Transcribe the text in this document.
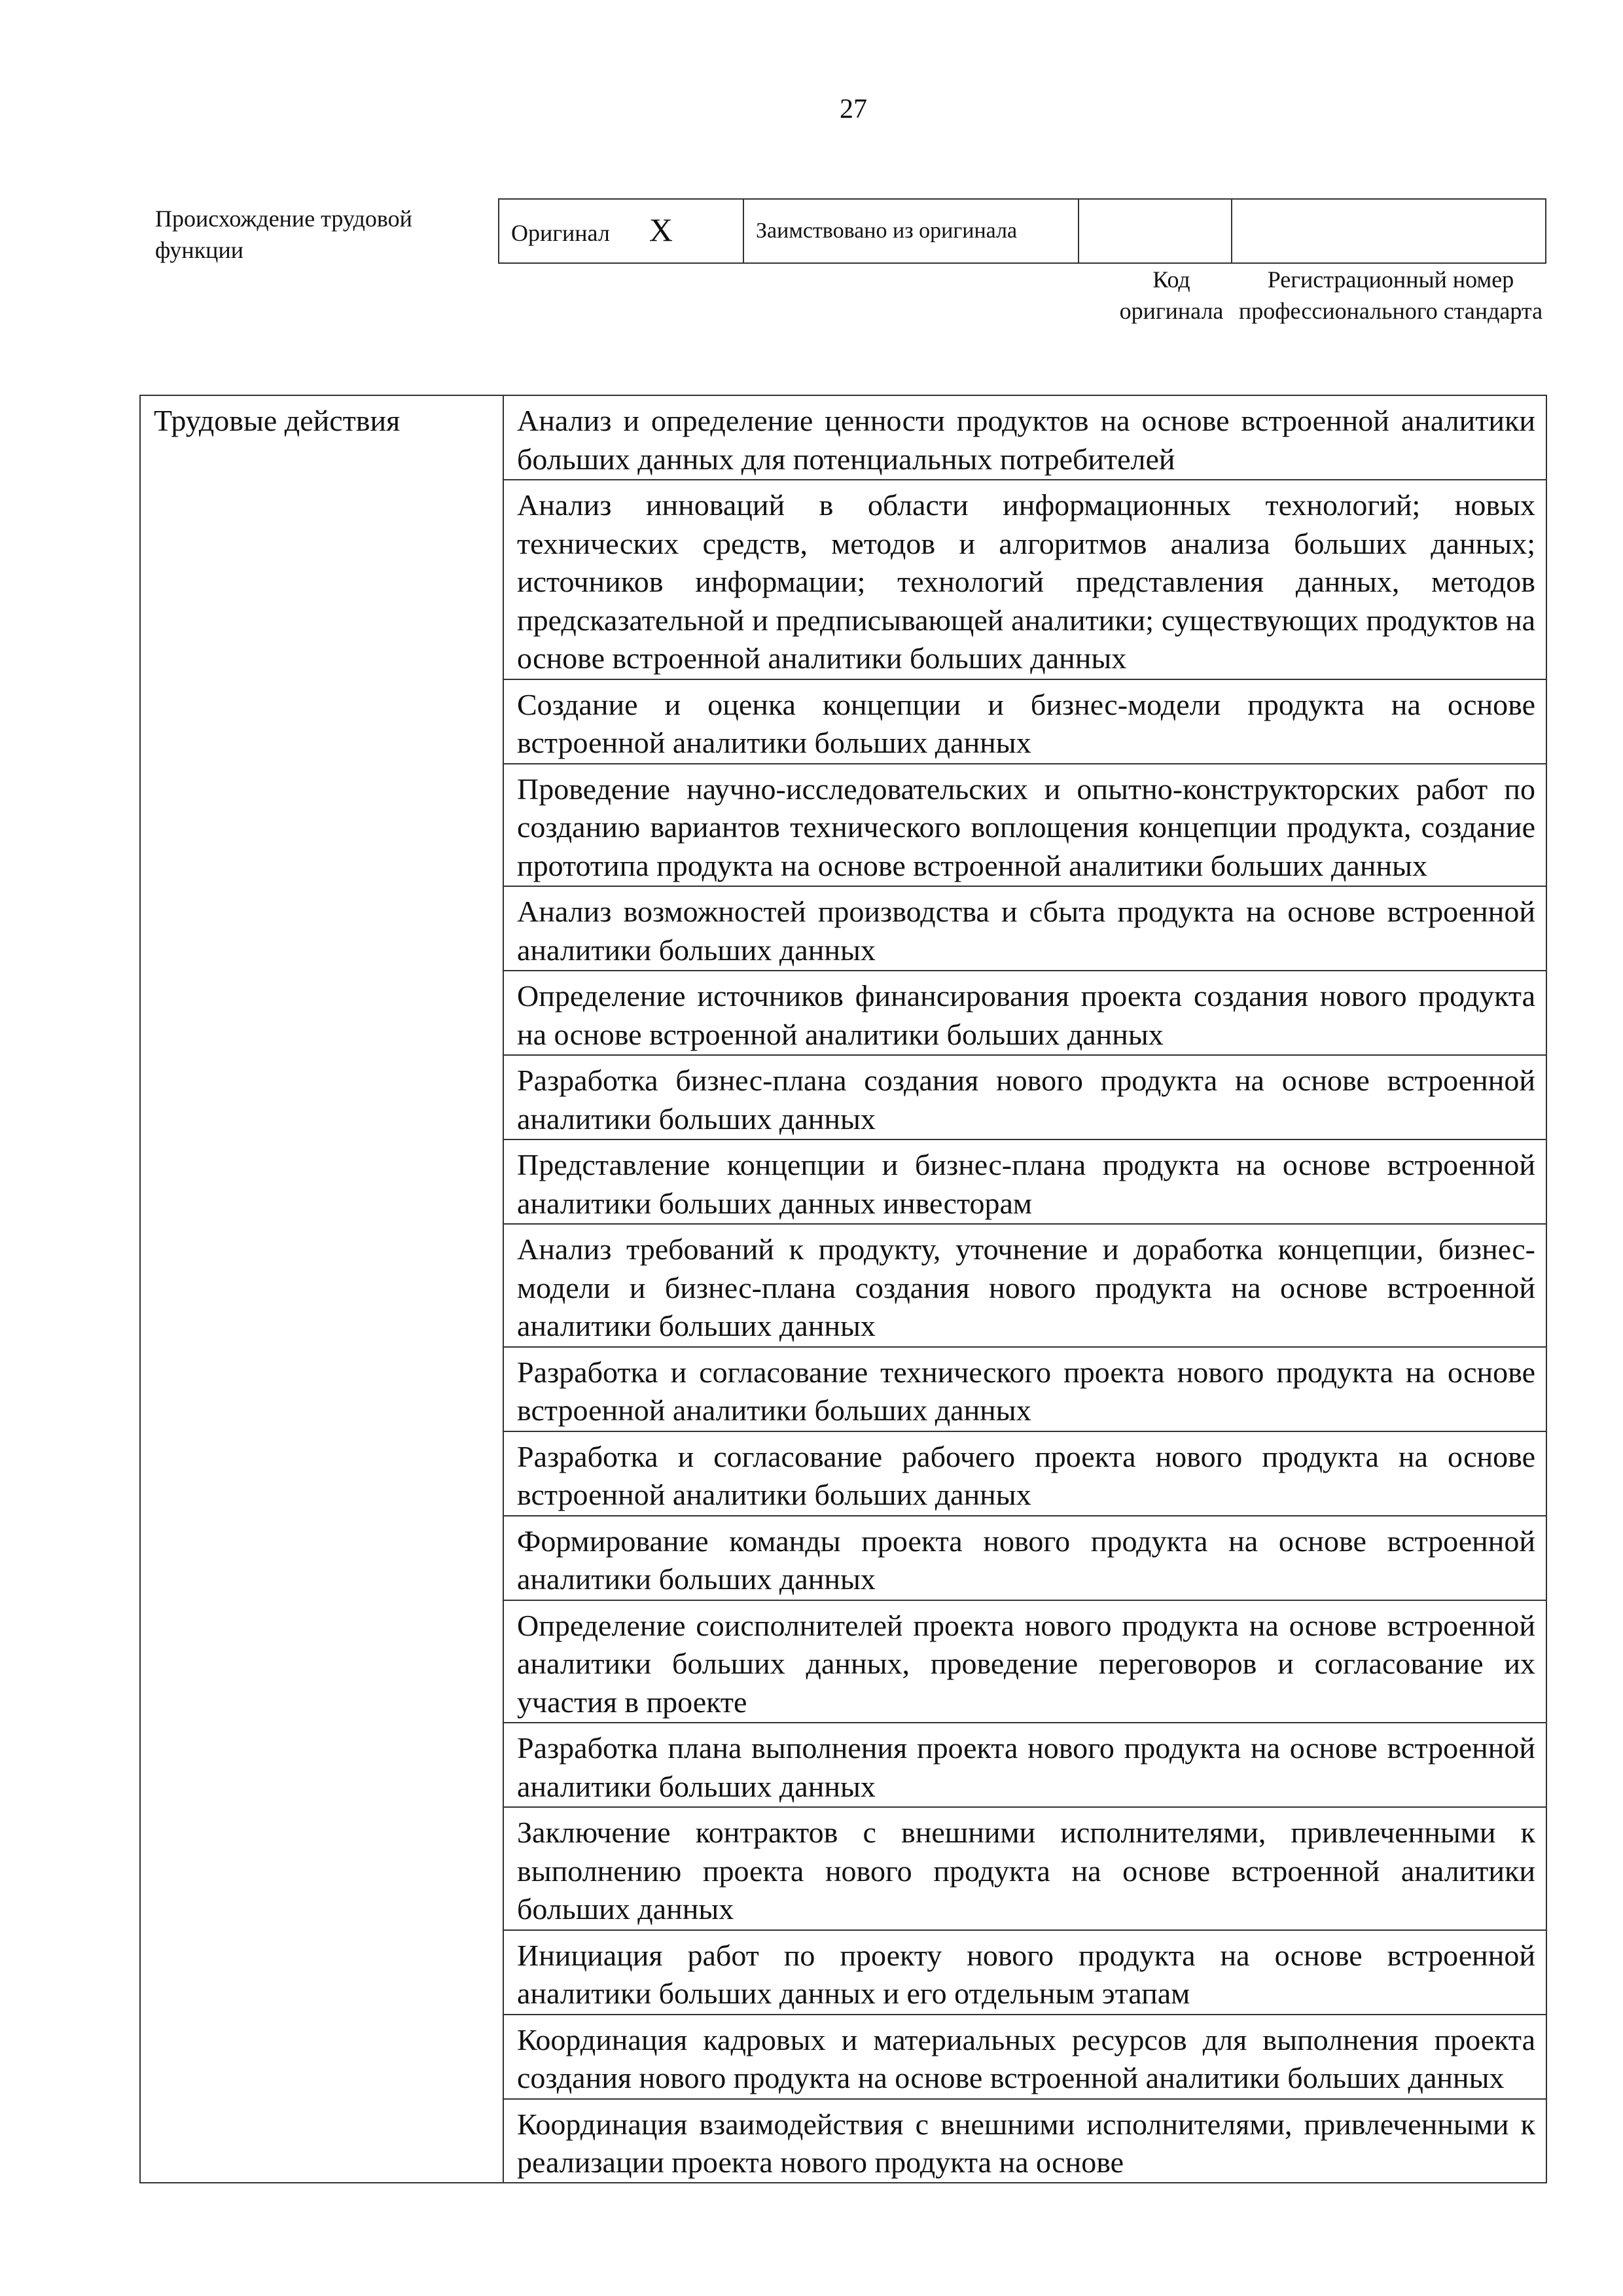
27
Происхождение трудовой функции
Оригинал X	Заимствовано из оригинала		
Код оригинала
Регистрационный номер профессионального стандарта
Трудовые действия	Анализ и определение ценности продуктов на основе встроенной аналитики больших данных для потенциальных потребителей
Анализ инноваций в области информационных технологий; новых технических средств, методов и алгоритмов анализа больших данных; источников информации; технологий представления данных, методов предсказательной и предписывающей аналитики; существующих продуктов на основе встроенной аналитики больших данных
Создание и оценка концепции и бизнес-модели продукта на основе встроенной аналитики больших данных
Проведение научно-исследовательских и опытно-конструкторских работ по созданию вариантов технического воплощения концепции продукта, создание прототипа продукта на основе встроенной аналитики больших данных
Анализ возможностей производства и сбыта продукта на основе встроенной аналитики больших данных
Определение источников финансирования проекта создания нового продукта на основе встроенной аналитики больших данных
Разработка бизнес-плана создания нового продукта на основе встроенной аналитики больших данных
Представление концепции и бизнес-плана продукта на основе встроенной аналитики больших данных инвесторам
Анализ требований к продукту, уточнение и доработка концепции, бизнес-модели и бизнес-плана создания нового продукта на основе встроенной аналитики больших данных
Разработка и согласование технического проекта нового продукта на основе встроенной аналитики больших данных
Разработка и согласование рабочего проекта нового продукта на основе встроенной аналитики больших данных
Формирование команды проекта нового продукта на основе встроенной аналитики больших данных
Определение соисполнителей проекта нового продукта на основе встроенной аналитики больших данных, проведение переговоров и согласование их участия в проекте
Разработка плана выполнения проекта нового продукта на основе встроенной аналитики больших данных
Заключение контрактов с внешними исполнителями, привлеченными к выполнению проекта нового продукта на основе встроенной аналитики больших данных
Инициация работ по проекту нового продукта на основе встроенной аналитики больших данных и его отдельным этапам
Координация кадровых и материальных ресурсов для выполнения проекта создания нового продукта на основе встроенной аналитики больших данных

Координация взаимодействия с внешними исполнителями, привлеченными к реализации проекта нового продукта на основе
